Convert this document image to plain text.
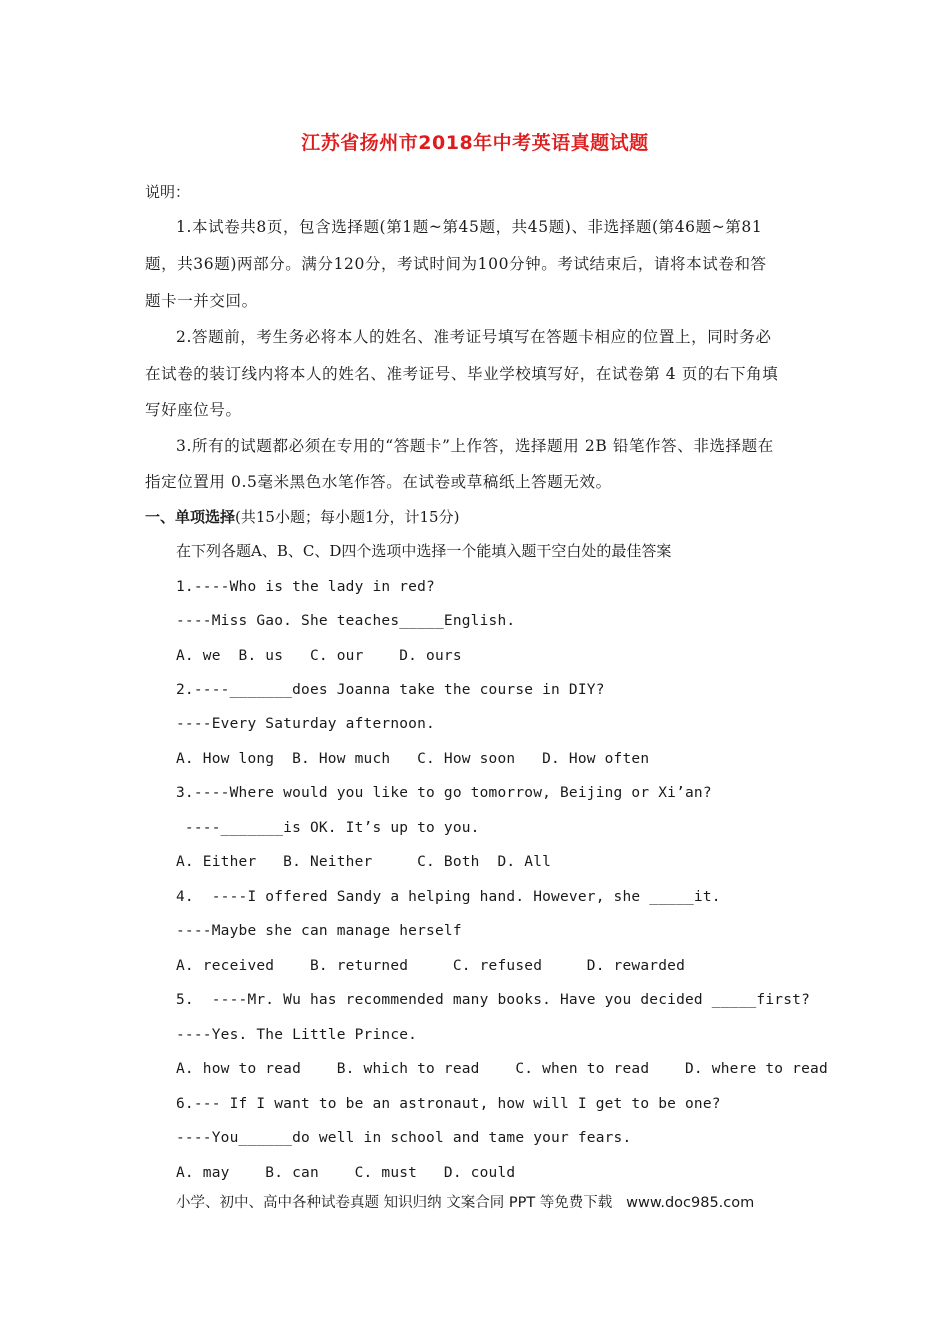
江苏省扬州市2018年中考英语真题试题
说明：
1.本试卷共8页，包含选择题(第1题~第45题，共45题)、非选择题(第46题~第81
题，共36题)两部分。满分120分，考试时间为100分钟。考试结束后，请将本试卷和答
题卡一并交回。
2.答题前，考生务必将本人的姓名、准考证号填写在答题卡相应的位置上，同时务必
在试卷的装订线内将本人的姓名、准考证号、毕业学校填写好，在试卷第 4 页的右下角填
写好座位号。
3.所有的试题都必须在专用的“答题卡”上作答，选择题用 2B 铅笔作答、非选择题在
指定位置用 0.5毫米黑色水笔作答。在试卷或草稿纸上答题无效。
一、单项选择(共15小题；每小题1分，计15分)
在下列各题A、B、C、D四个选项中选择一个能填入题干空白处的最佳答案
1.----Who is the lady in red?
----Miss Gao. She teaches_____English.
A. we  B. us   C. our    D. ours
2.----_______does Joanna take the course in DIY?
----Every Saturday afternoon.
A. How long  B. How much   C. How soon   D. How often
3.----Where would you like to go tomorrow, Beijing or Xi’an?
----_______is OK. It’s up to you.
A. Either   B. Neither     C. Both  D. All
4.  ----I offered Sandy a helping hand. However, she _____it.
----Maybe she can manage herself
A. received    B. returned     C. refused     D. rewarded
5.  ----Mr. Wu has recommended many books. Have you decided _____first?
----Yes. The Little Prince.
A. how to read    B. which to read    C. when to read    D. where to read
6.--- If I want to be an astronaut, how will I get to be one?
----You______do well in school and tame your fears.
A. may    B. can    C. must   D. could
小学、初中、高中各种试卷真题 知识归纳 文案合同 PPT 等免费下载   www.doc985.com
